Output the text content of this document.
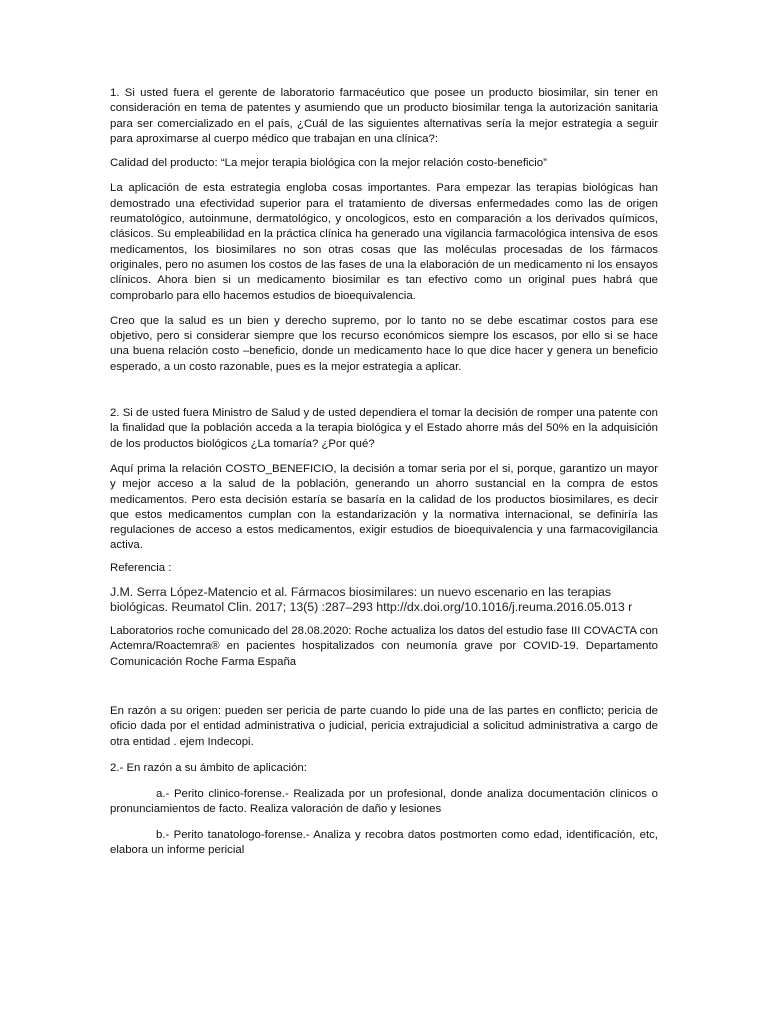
1. Si usted fuera el gerente de laboratorio farmacéutico que posee un producto biosimilar, sin tener en consideración en tema de patentes y asumiendo que un producto biosimilar tenga la autorización sanitaria para ser comercializado en el país, ¿Cuál de las siguientes alternativas sería la mejor estrategia a seguir para aproximarse al cuerpo médico que trabajan en una clínica?:

Calidad del producto: “La mejor terapia biológica con la mejor relación costo-beneficio”

La aplicación de esta estrategia engloba cosas importantes. Para empezar las terapias biológicas han demostrado una efectividad superior para el tratamiento de diversas enfermedades como las de origen reumatológico, autoinmune, dermatológico, y oncologicos, esto en comparación a los derivados químicos, clásicos. Su empleabilidad en la práctica clínica ha generado una vigilancia farmacológica intensiva de esos medicamentos, los biosimilares no son otras cosas que las moléculas procesadas de los fármacos originales, pero no asumen los costos de las fases de una la elaboración de un medicamento ni los ensayos clínicos. Ahora bien si un medicamento biosimilar es tan efectivo como un original pues habrá que comprobarlo para ello hacemos estudios de bioequivalencia.

Creo que la salud es un bien y derecho supremo, por lo tanto no se debe escatimar costos para ese objetivo, pero si considerar siempre que los recurso económicos siempre los escasos, por ello si se hace una buena relación costo –beneficio, donde un medicamento hace lo que dice hacer y genera un beneficio esperado, a un costo razonable, pues es la mejor estrategia a aplicar.

2. Si de usted fuera Ministro de Salud y de usted dependiera el tomar la decisión de romper una patente con la finalidad que la población acceda a la terapia biológica y el Estado ahorre más del 50% en la adquisición de los productos biológicos ¿La tomaría? ¿Por qué?

Aquí prima la relación COSTO_BENEFICIO, la decisión a tomar seria por el si, porque, garantizo un mayor y mejor acceso a la salud de la población, generando un ahorro sustancial en la compra de estos medicamentos. Pero esta decisión estaría se basaría en la calidad de los productos biosimilares, es decir que estos medicamentos cumplan con la estandarización y la normativa internacional, se definiría las regulaciones de acceso a estos medicamentos, exigir estudios de bioequivalencia y una farmacovigilancia activa.

Referencia :

J.M. Serra López-Matencio et al. Fármacos biosimilares: un nuevo escenario en las terapias biológicas. Reumatol Clin. 2017; 13(5) :287–293 http://dx.doi.org/10.1016/j.reuma.2016.05.013 r

Laboratorios roche comunicado del 28.08.2020: Roche actualiza los datos del estudio fase III COVACTA con Actemra/Roactemra® en pacientes hospitalizados con neumonía grave por COVID-19. Departamento Comunicación Roche Farma España

En razón a su origen: pueden ser pericia de parte cuando lo pide una de las partes en conflicto; pericia de oficio dada por el entidad administrativa o judicial, pericia extrajudicial a solicitud administrativa a cargo de otra entidad . ejem Indecopi.

2.- En razón a su ámbito de aplicación:

a.- Perito clinico-forense.- Realizada por un profesional, donde analiza documentación clinicos o pronunciamientos de facto. Realiza valoración de daño y lesiones

b.- Perito tanatologo-forense.- Analiza y recobra datos postmorten como edad, identificación, etc, elabora un informe pericial
